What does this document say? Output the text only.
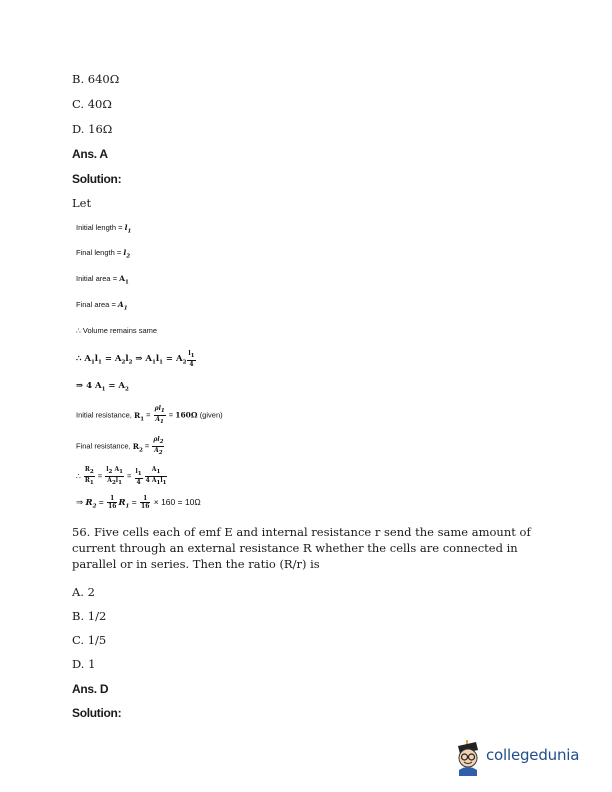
B. 640Ω
C. 40Ω
D. 16Ω
Ans. A
Solution:
Let
Initial length = $l_1$
Final length = $l_2$
Initial area = $A_1$
Final area = $A_1$
∴ Volume remains same
∴ $A_1l_1 = A_2l_2$ ⇒ $A_1l_1 = A_2 \frac{l_1}{4}$
⇒ 4 $A_1 = A_2$
Initial resistance, $R_1 = \frac{\rho l_1}{A_1} = 160\Omega$ (given)
Final resistance, $R_2 = \frac{\rho l_2}{A_2}$
∴ $\frac{R_2}{R_1} = \frac{l_2 A_1}{A_2l_1} = \frac{l_1}{4} \frac{A_1}{4 A_1l_1}$
⇒ $R_2 = \frac{1}{16} R_1 = \frac{1}{16} \times 160 = 10\Omega$
56. Five cells each of emf E and internal resistance r send the same amount of current through an external resistance R whether the cells are connected in parallel or in series. Then the ratio (R/r) is
A. 2
B. 1/2
C. 1/5
D. 1
Ans. D
Solution:
collegedunia
